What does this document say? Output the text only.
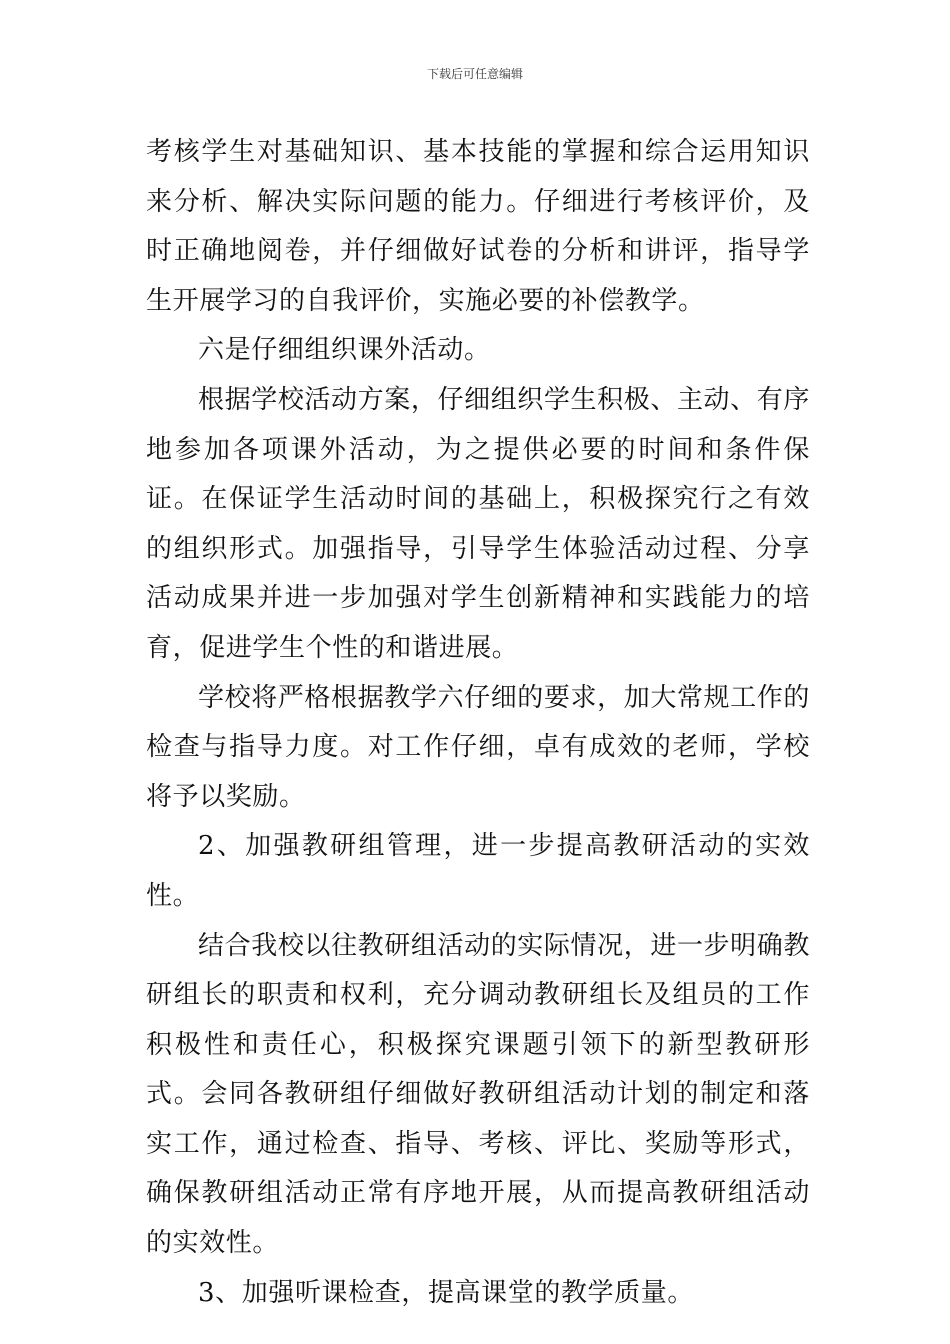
下载后可任意编辑

考核学生对基础知识、基本技能的掌握和综合运用知识来分析、解决实际问题的能力。仔细进行考核评价，及时正确地阅卷，并仔细做好试卷的分析和讲评，指导学生开展学习的自我评价，实施必要的补偿教学。

六是仔细组织课外活动。

根据学校活动方案，仔细组织学生积极、主动、有序地参加各项课外活动，为之提供必要的时间和条件保证。在保证学生活动时间的基础上，积极探究行之有效的组织形式。加强指导，引导学生体验活动过程、分享活动成果并进一步加强对学生创新精神和实践能力的培育，促进学生个性的和谐进展。

学校将严格根据教学六仔细的要求，加大常规工作的检查与指导力度。对工作仔细，卓有成效的老师，学校将予以奖励。

2、加强教研组管理，进一步提高教研活动的实效性。

结合我校以往教研组活动的实际情况，进一步明确教研组长的职责和权利，充分调动教研组长及组员的工作积极性和责任心，积极探究课题引领下的新型教研形式。会同各教研组仔细做好教研组活动计划的制定和落实工作，通过检查、指导、考核、评比、奖励等形式，确保教研组活动正常有序地开展，从而提高教研组活动的实效性。

3、加强听课检查，提高课堂的教学质量。
